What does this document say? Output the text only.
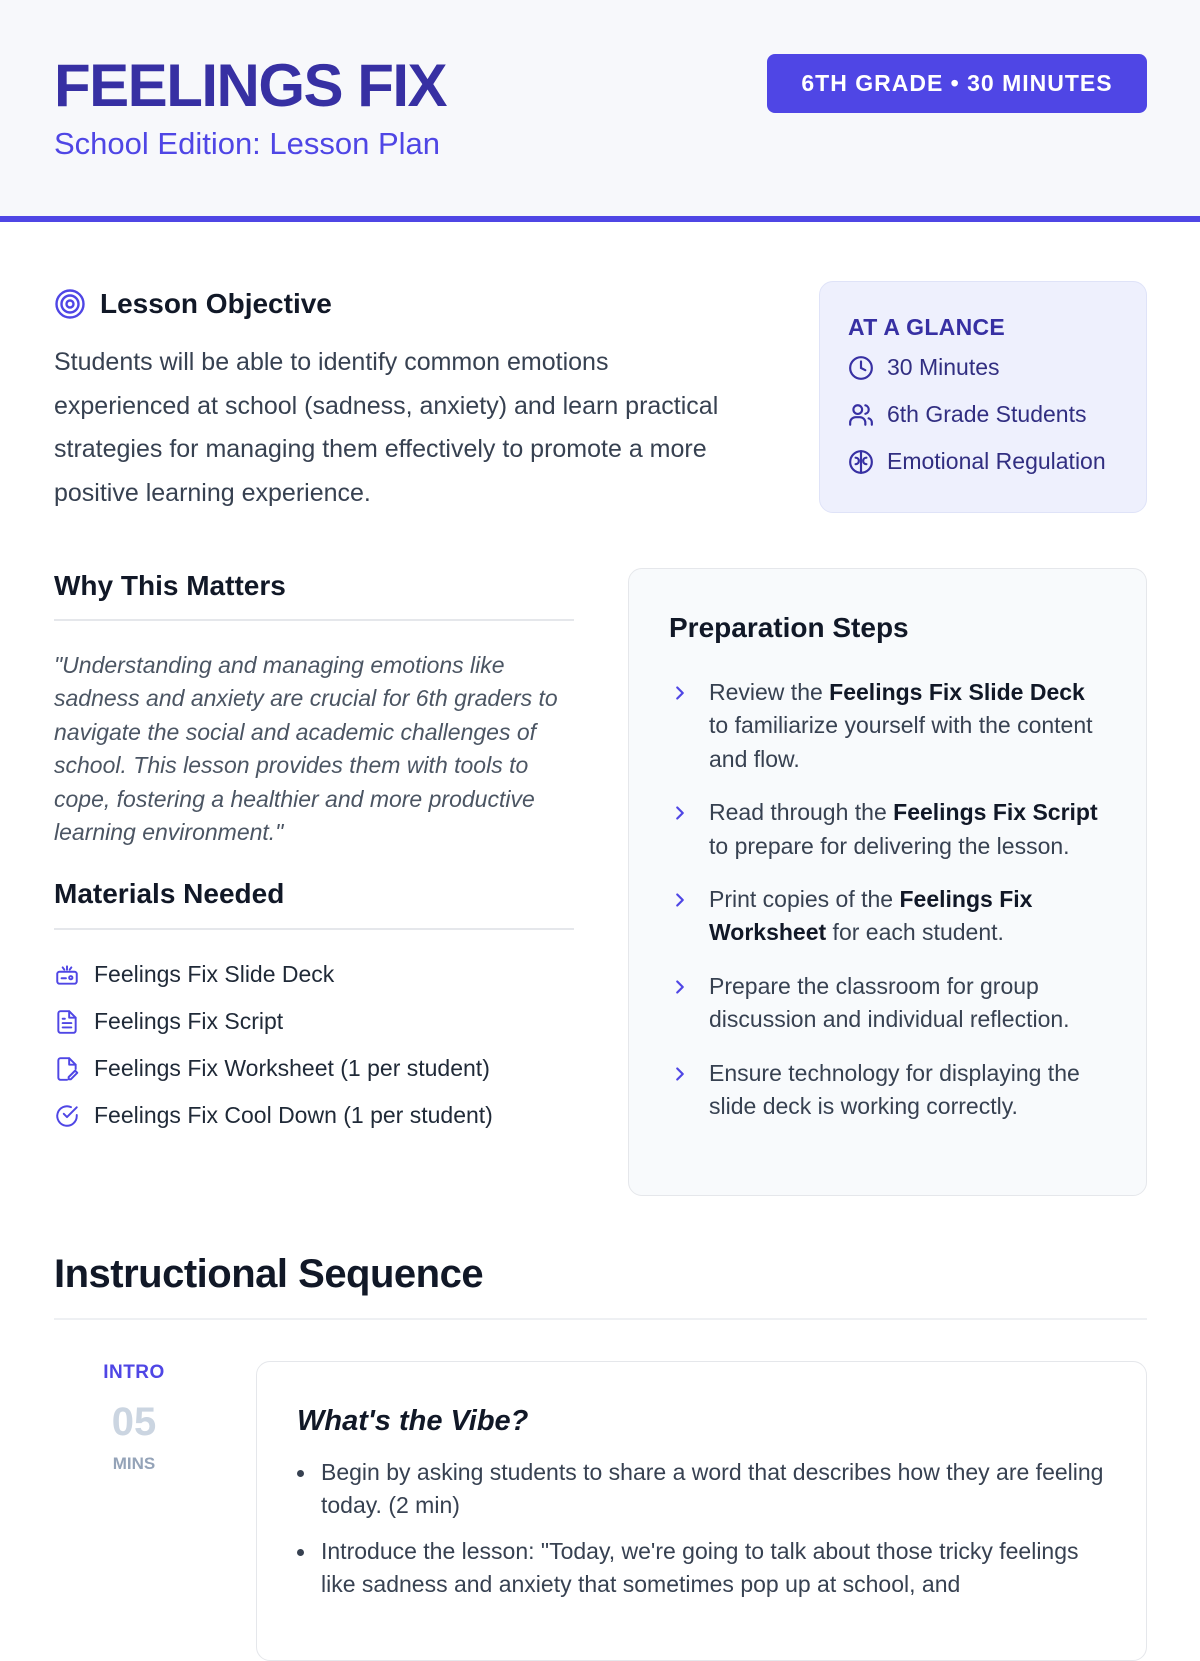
FEELINGS FIX
School Edition: Lesson Plan
6TH GRADE • 30 MINUTES
Lesson Objective

Students will be able to identify common emotions experienced at school (sadness, anxiety) and learn practical strategies for managing them effectively to promote a more positive learning experience.

AT A GLANCE
30 Minutes
6th Grade Students
Emotional Regulation
Why This Matters

"Understanding and managing emotions like sadness and anxiety are crucial for 6th graders to navigate the social and academic challenges of school. This lesson provides them with tools to cope, fostering a healthier and more productive learning environment."

Materials Needed
Feelings Fix Slide Deck
Feelings Fix Script
Feelings Fix Worksheet (1 per student)
Feelings Fix Cool Down (1 per student)
Preparation Steps
Review the Feelings Fix Slide Deck to familiarize yourself with the content and flow.
Read through the Feelings Fix Script to prepare for delivering the lesson.
Print copies of the Feelings Fix Worksheet for each student.
Prepare the classroom for group discussion and individual reflection.
Ensure technology for displaying the slide deck is working correctly.
Instructional Sequence
INTRO
05
MINS
What's the Vibe?
Begin by asking students to share a word that describes how they are feeling today. (2 min)
Introduce the lesson: "Today, we're going to talk about those tricky feelings like sadness and anxiety that sometimes pop up at school, and
